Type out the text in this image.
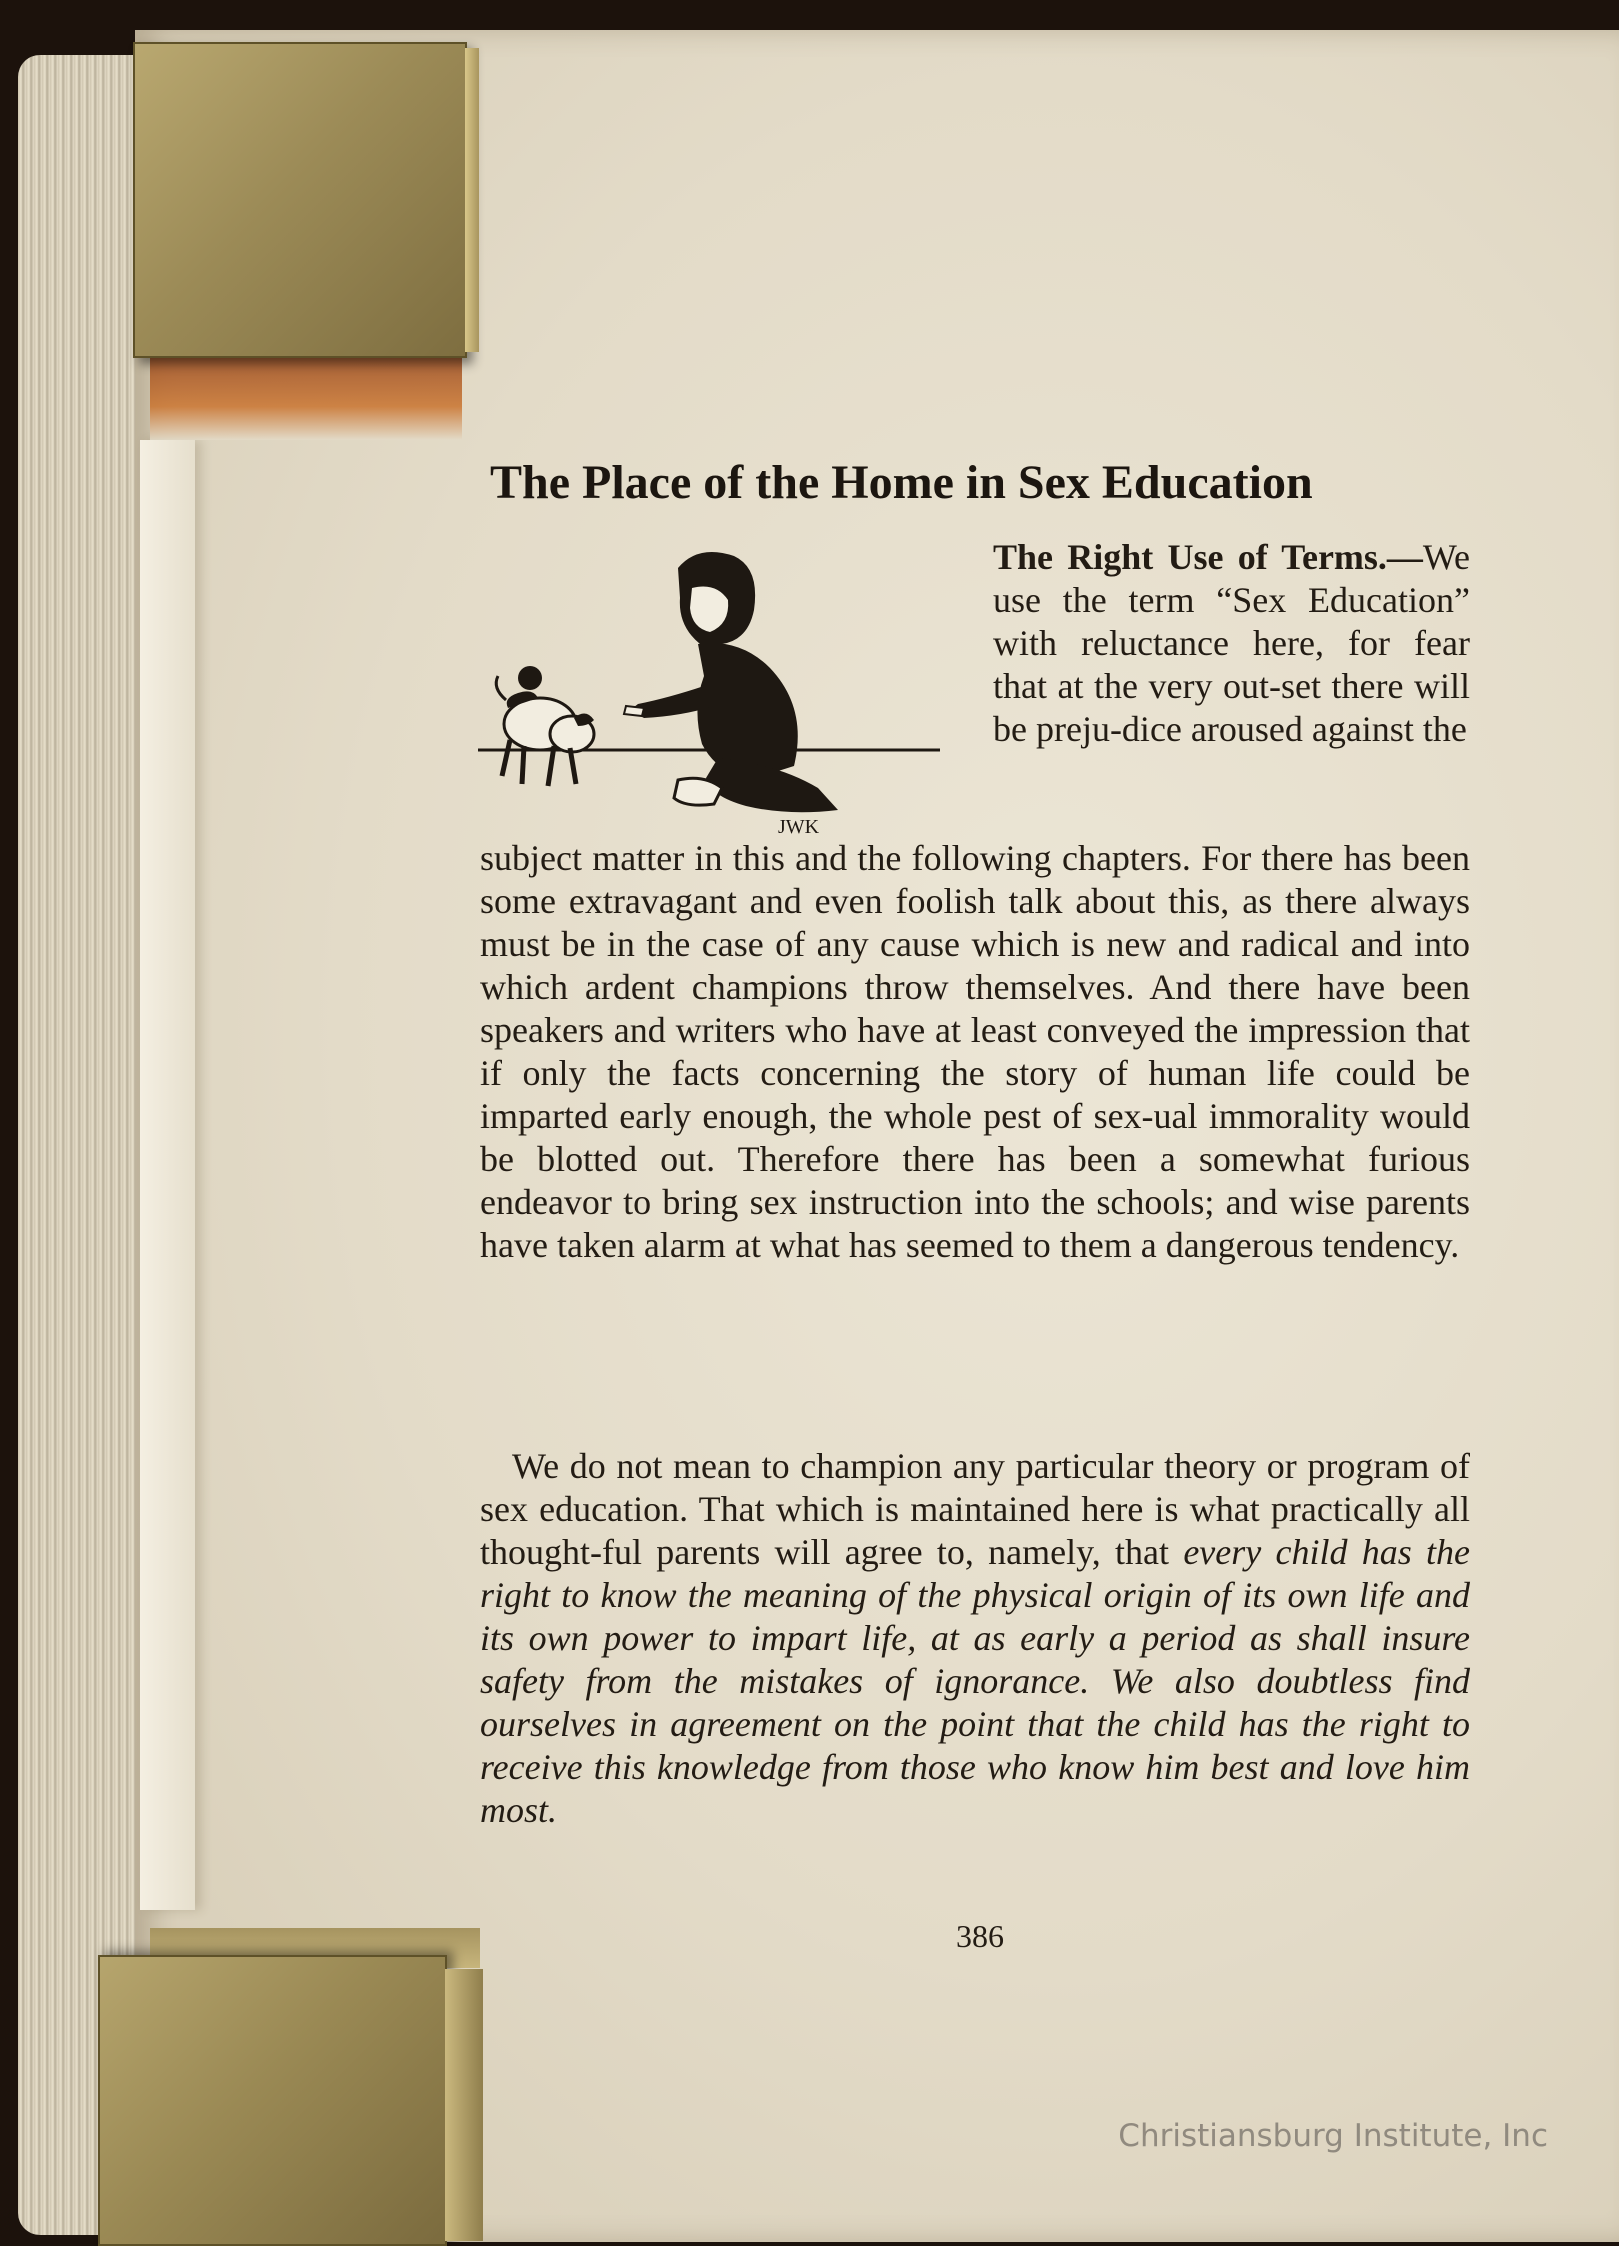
The Place of the Home in Sex Education
JWK

The Right Use of Terms.—We use the term “Sex Education” with reluctance here, for fear that at the very out-set there will be preju-dice aroused against the

subject matter in this and the following chapters. For there has been some extravagant and even foolish talk about this, as there always must be in the case of any cause which is new and radical and into which ardent champions throw themselves. And there have been speakers and writers who have at least conveyed the impression that if only the facts concerning the story of human life could be imparted early enough, the whole pest of sex-ual immorality would be blotted out. Therefore there has been a somewhat furious endeavor to bring sex instruction into the schools; and wise parents have taken alarm at what has seemed to them a dangerous tendency.

We do not mean to champion any particular theory or program of sex education. That which is maintained here is what practically all thought-ful parents will agree to, namely, that every child has the right to know the meaning of the physical origin of its own life and its own power to impart life, at as early a period as shall insure safety from the mistakes of ignorance. We also doubtless find ourselves in agreement on the point that the child has the right to receive this knowledge from those who know him best and love him most.

386
Christiansburg Institute, Inc
